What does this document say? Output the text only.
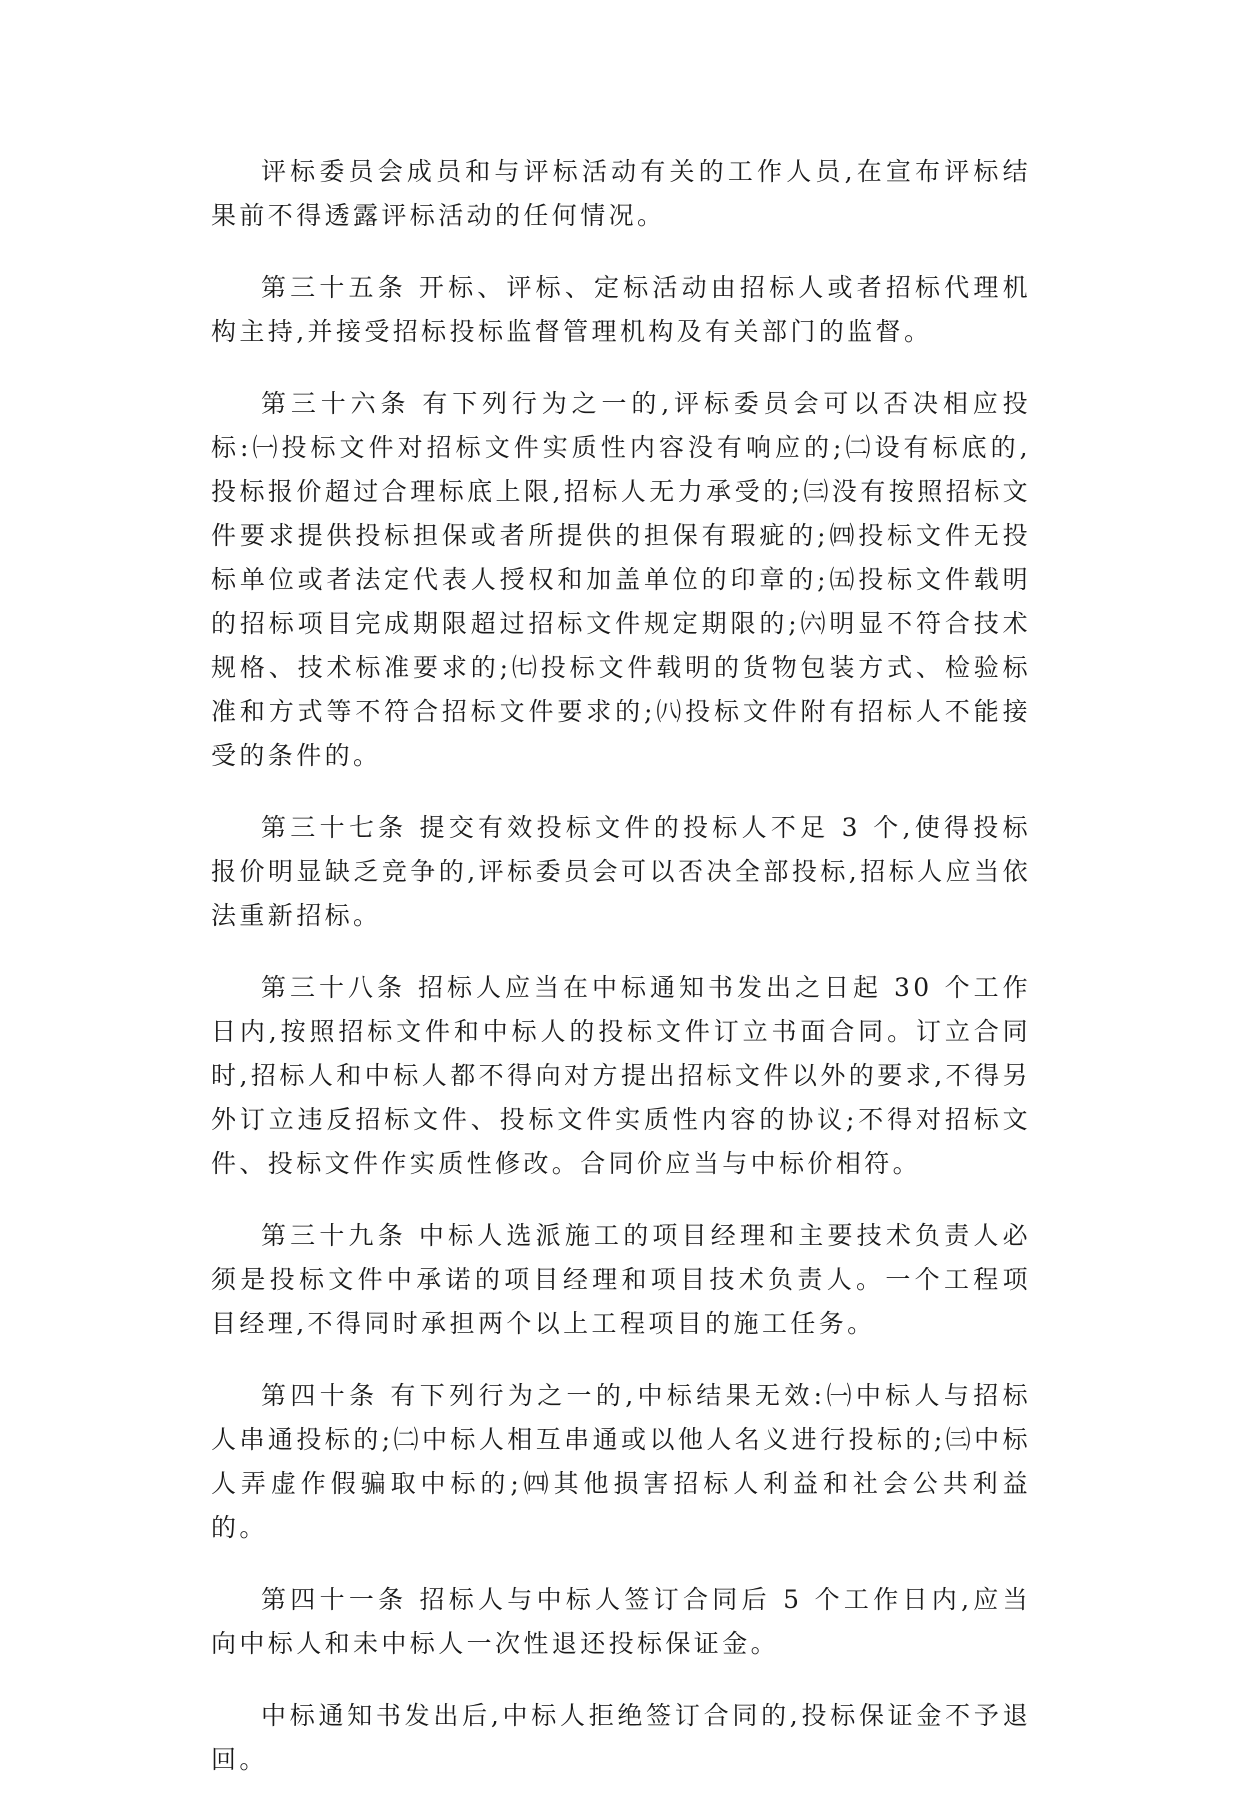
评标委员会成员和与评标活动有关的工作人员,在宣布评标结果前不得透露评标活动的任何情况。

第三十五条 开标、评标、定标活动由招标人或者招标代理机构主持,并接受招标投标监督管理机构及有关部门的监督。

第三十六条 有下列行为之一的,评标委员会可以否决相应投标:㈠投标文件对招标文件实质性内容没有响应的;㈡设有标底的,投标报价超过合理标底上限,招标人无力承受的;㈢没有按照招标文件要求提供投标担保或者所提供的担保有瑕疵的;㈣投标文件无投标单位或者法定代表人授权和加盖单位的印章的;㈤投标文件载明的招标项目完成期限超过招标文件规定期限的;㈥明显不符合技术规格、技术标准要求的;㈦投标文件载明的货物包装方式、检验标准和方式等不符合招标文件要求的;㈧投标文件附有招标人不能接受的条件的。

第三十七条 提交有效投标文件的投标人不足 3 个,使得投标报价明显缺乏竞争的,评标委员会可以否决全部投标,招标人应当依法重新招标。

第三十八条 招标人应当在中标通知书发出之日起 30 个工作日内,按照招标文件和中标人的投标文件订立书面合同。订立合同时,招标人和中标人都不得向对方提出招标文件以外的要求,不得另外订立违反招标文件、投标文件实质性内容的协议;不得对招标文件、投标文件作实质性修改。合同价应当与中标价相符。

第三十九条 中标人选派施工的项目经理和主要技术负责人必须是投标文件中承诺的项目经理和项目技术负责人。一个工程项目经理,不得同时承担两个以上工程项目的施工任务。

第四十条 有下列行为之一的,中标结果无效:㈠中标人与招标人串通投标的;㈡中标人相互串通或以他人名义进行投标的;㈢中标人弄虚作假骗取中标的;㈣其他损害招标人利益和社会公共利益的。

第四十一条 招标人与中标人签订合同后 5 个工作日内,应当向中标人和未中标人一次性退还投标保证金。

中标通知书发出后,中标人拒绝签订合同的,投标保证金不予退回。
